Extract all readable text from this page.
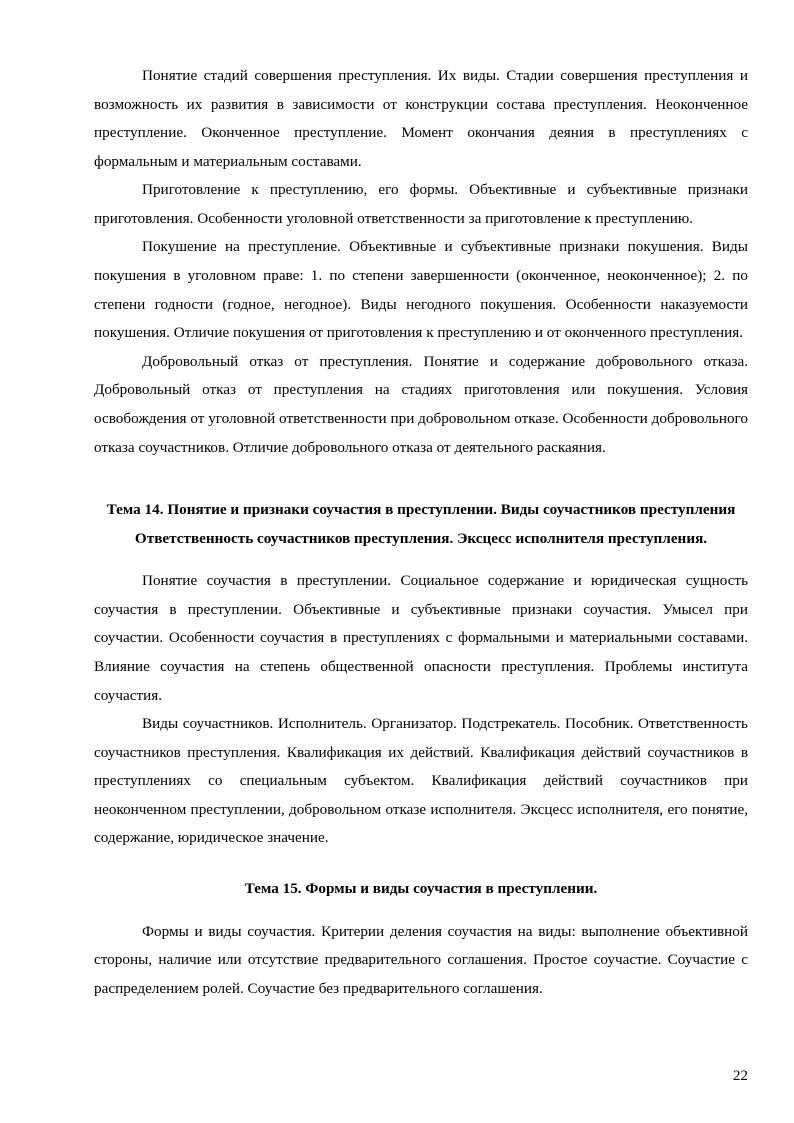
Понятие стадий совершения преступления. Их виды. Стадии совершения преступления и возможность их развития в зависимости от конструкции состава преступления. Неоконченное преступление. Оконченное преступление. Момент окончания деяния в преступлениях с формальным и материальным составами.

Приготовление к преступлению, его формы. Объективные и субъективные признаки приготовления. Особенности уголовной ответственности за приготовление к преступлению.

Покушение на преступление. Объективные и субъективные признаки покушения. Виды покушения в уголовном праве: 1. по степени завершенности (оконченное, неоконченное); 2. по степени годности (годное, негодное). Виды негодного покушения. Особенности наказуемости покушения. Отличие покушения от приготовления к преступлению и от оконченного преступления.

Добровольный отказ от преступления. Понятие и содержание добровольного отказа. Добровольный отказ от преступления на стадиях приготовления или покушения. Условия освобождения от уголовной ответственности при добровольном отказе. Особенности добровольного отказа соучастников. Отличие добровольного отказа от деятельного раскаяния.

Тема 14. Понятие и признаки соучастия в преступлении. Виды соучастников преступления Ответственность соучастников преступления. Эксцесс исполнителя преступления.

Понятие соучастия в преступлении. Социальное содержание и юридическая сущность соучастия в преступлении. Объективные и субъективные признаки соучастия. Умысел при соучастии. Особенности соучастия в преступлениях с формальными и материальными составами. Влияние соучастия на степень общественной опасности преступления. Проблемы института соучастия.

Виды соучастников. Исполнитель. Организатор. Подстрекатель. Пособник. Ответственность соучастников преступления. Квалификация их действий. Квалификация действий соучастников в преступлениях со специальным субъектом. Квалификация действий соучастников при неоконченном преступлении, добровольном отказе исполнителя. Эксцесс исполнителя, его понятие, содержание, юридическое значение.

Тема 15. Формы и виды соучастия в преступлении.

Формы и виды соучастия. Критерии деления соучастия на виды: выполнение объективной стороны, наличие или отсутствие предварительного соглашения. Простое соучастие. Соучастие с распределением ролей. Соучастие без предварительного соглашения.

22
